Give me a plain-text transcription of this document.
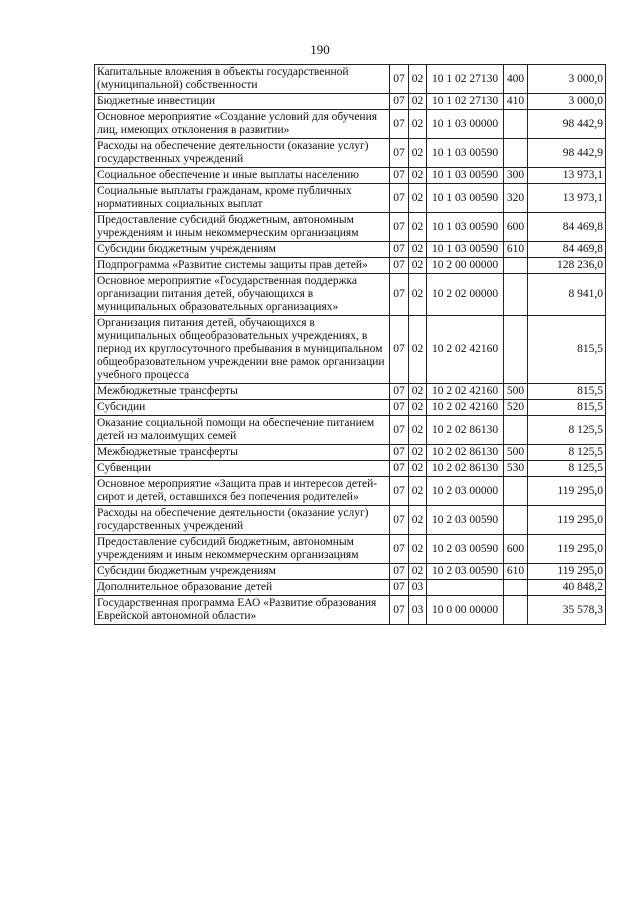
190
Капитальные вложения в объекты государственной (муниципальной) собственности	07	02	10 1 02 27130	400	3 000,0
Бюджетные инвестиции	07	02	10 1 02 27130	410	3 000,0
Основное мероприятие «Создание условий для обучения лиц, имеющих отклонения в развитии»	07	02	10 1 03 00000		98 442,9
Расходы на обеспечение деятельности (оказание услуг) государственных учреждений	07	02	10 1 03 00590		98 442,9
Социальное обеспечение и иные выплаты населению	07	02	10 1 03 00590	300	13 973,1
Социальные выплаты гражданам, кроме публичных нормативных социальных выплат	07	02	10 1 03 00590	320	13 973,1
Предоставление субсидий бюджетным, автономным учреждениям и иным некоммерческим организациям	07	02	10 1 03 00590	600	84 469,8
Субсидии бюджетным учреждениям	07	02	10 1 03 00590	610	84 469,8
Подпрограмма «Развитие системы защиты прав детей»	07	02	10 2 00 00000		128 236,0
Основное мероприятие «Государственная поддержка организации питания детей, обучающихся в муниципальных образовательных организациях»	07	02	10 2 02 00000		8 941,0
Организация питания детей, обучающихся в муниципальных общеобразовательных учреждениях, в период их круглосуточного пребывания в муниципальном общеобразовательном учреждении вне рамок организации учебного процесса	07	02	10 2 02 42160		815,5
Межбюджетные трансферты	07	02	10 2 02 42160	500	815,5
Субсидии	07	02	10 2 02 42160	520	815,5
Оказание социальной помощи на обеспечение питанием детей из малоимущих семей	07	02	10 2 02 86130		8 125,5
Межбюджетные трансферты	07	02	10 2 02 86130	500	8 125,5
Субвенции	07	02	10 2 02 86130	530	8 125,5
Основное мероприятие «Защита прав и интересов детей-сирот и детей, оставшихся без попечения родителей»	07	02	10 2 03 00000		119 295,0
Расходы на обеспечение деятельности (оказание услуг) государственных учреждений	07	02	10 2 03 00590		119 295,0
Предоставление субсидий бюджетным, автономным учреждениям и иным некоммерческим организациям	07	02	10 2 03 00590	600	119 295,0
Субсидии бюджетным учреждениям	07	02	10 2 03 00590	610	119 295,0
Дополнительное образование детей	07	03			40 848,2
Государственная программа ЕАО «Развитие образования Еврейской автономной области»	07	03	10 0 00 00000		35 578,3
